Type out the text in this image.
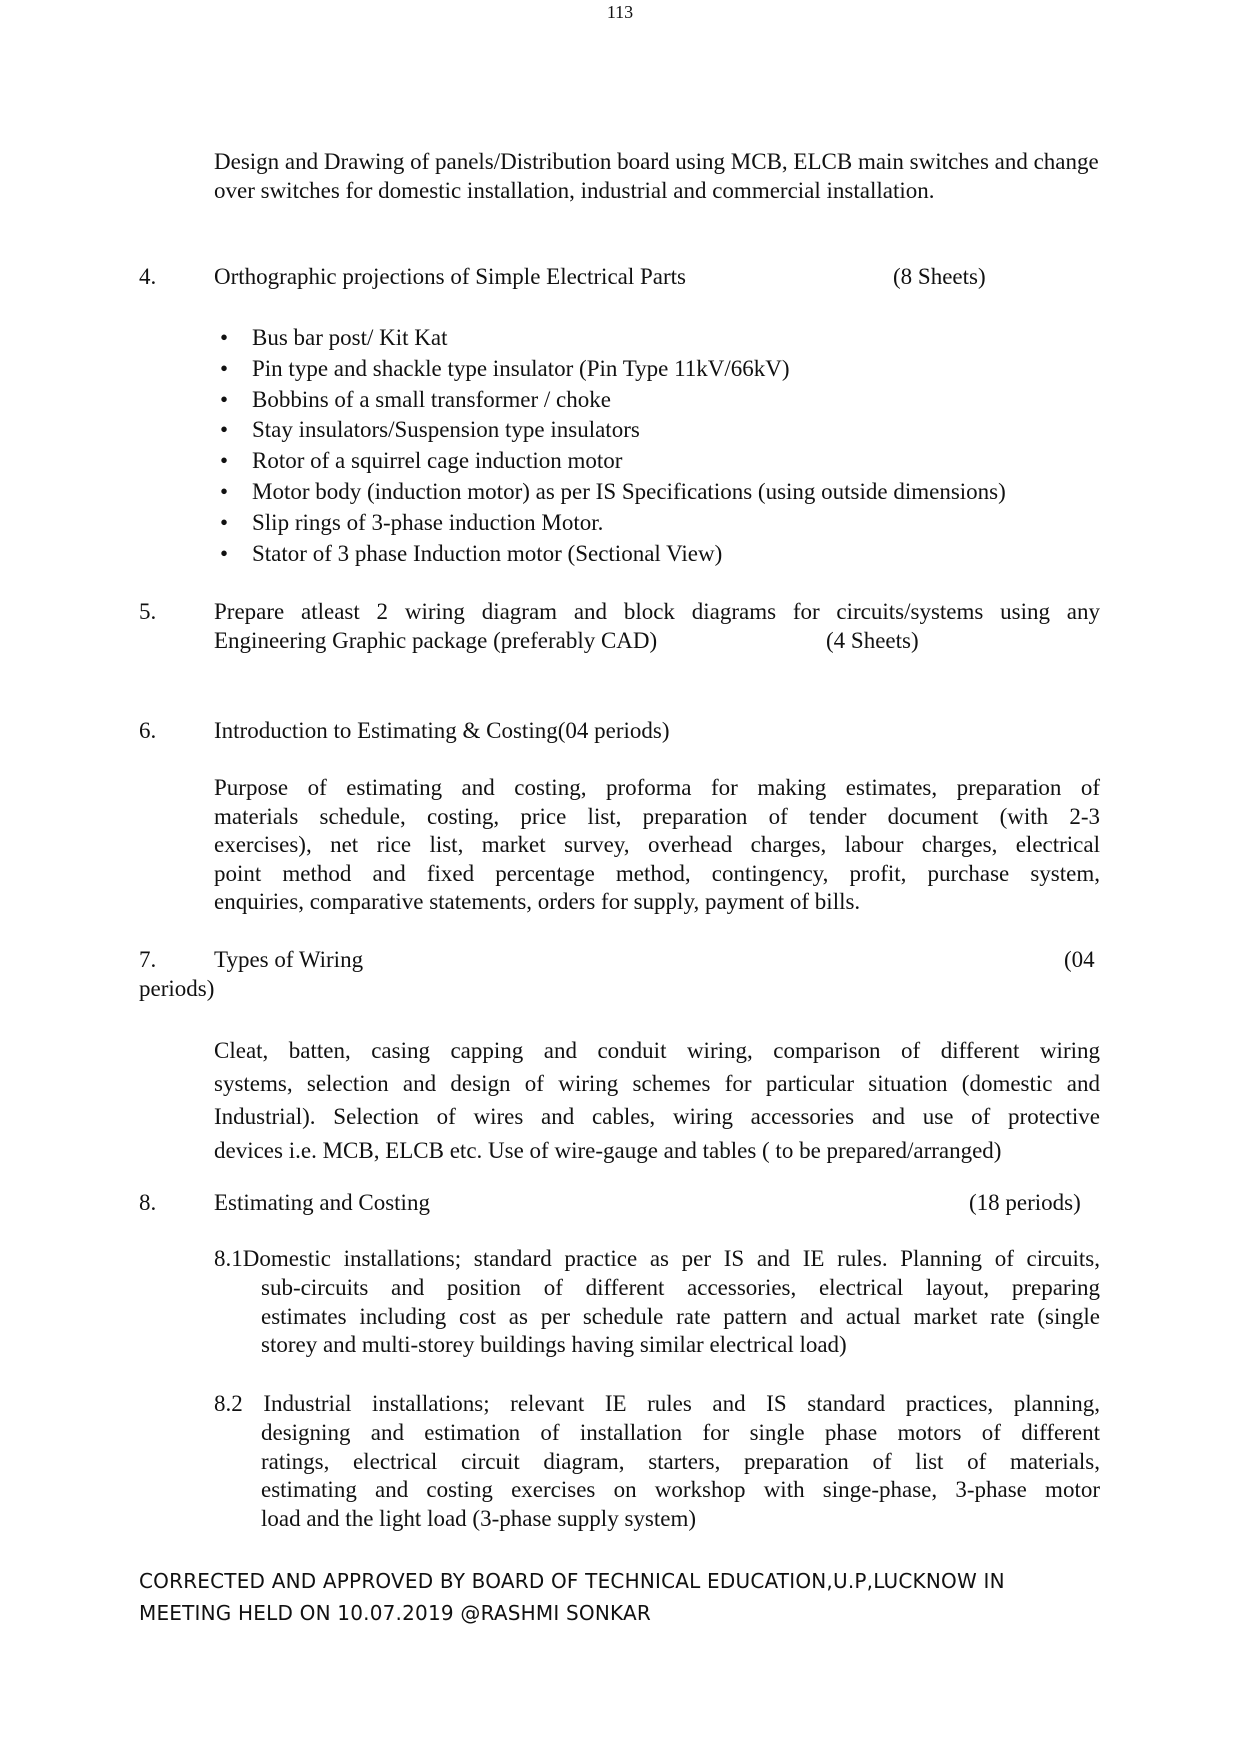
113
Design and Drawing of panels/Distribution board using MCB, ELCB main switches and change over switches for domestic installation, industrial and commercial installation.
4.	Orthographic projections of Simple Electrical Parts	(8 Sheets)
• Bus bar post/ Kit Kat
• Pin type and shackle type insulator (Pin Type 11kV/66kV)
• Bobbins of a small transformer / choke
• Stay insulators/Suspension type insulators
• Rotor of a squirrel cage induction motor
• Motor body (induction motor) as per IS Specifications (using outside dimensions)
• Slip rings of 3-phase induction Motor.
• Stator of 3 phase Induction motor (Sectional View)
5.	Prepare atleast 2 wiring diagram and block diagrams for circuits/systems using any
Engineering Graphic package (preferably CAD)	(4 Sheets)
6.	Introduction to Estimating & Costing(04 periods)
Purpose of estimating and costing, proforma for making estimates, preparation of
materials schedule, costing, price list, preparation of tender document (with 2-3
exercises), net rice list, market survey, overhead charges, labour charges, electrical
point method and fixed percentage method, contingency, profit, purchase system,
enquiries, comparative statements, orders for supply, payment of bills.
7.	Types of Wiring	(04
periods)
Cleat, batten, casing capping and conduit wiring, comparison of different wiring
systems, selection and design of wiring schemes for particular situation (domestic and
Industrial). Selection of wires and cables, wiring accessories and use of protective
devices i.e. MCB, ELCB etc. Use of wire-gauge and tables ( to be prepared/arranged)
8.	Estimating and Costing	(18 periods)
8.1Domestic installations; standard practice as per IS and IE rules. Planning of circuits,
sub-circuits and position of different accessories, electrical layout, preparing
estimates including cost as per schedule rate pattern and actual market rate (single
storey and multi-storey buildings having similar electrical load)
8.2 Industrial installations; relevant IE rules and IS standard practices, planning,
designing and estimation of installation for single phase motors of different
ratings, electrical circuit diagram, starters, preparation of list of materials,
estimating and costing exercises on workshop with singe-phase, 3-phase motor
load and the light load (3-phase supply system)
CORRECTED AND APPROVED BY BOARD OF TECHNICAL EDUCATION,U.P,LUCKNOW IN
MEETING HELD ON 10.07.2019 @RASHMI SONKAR
